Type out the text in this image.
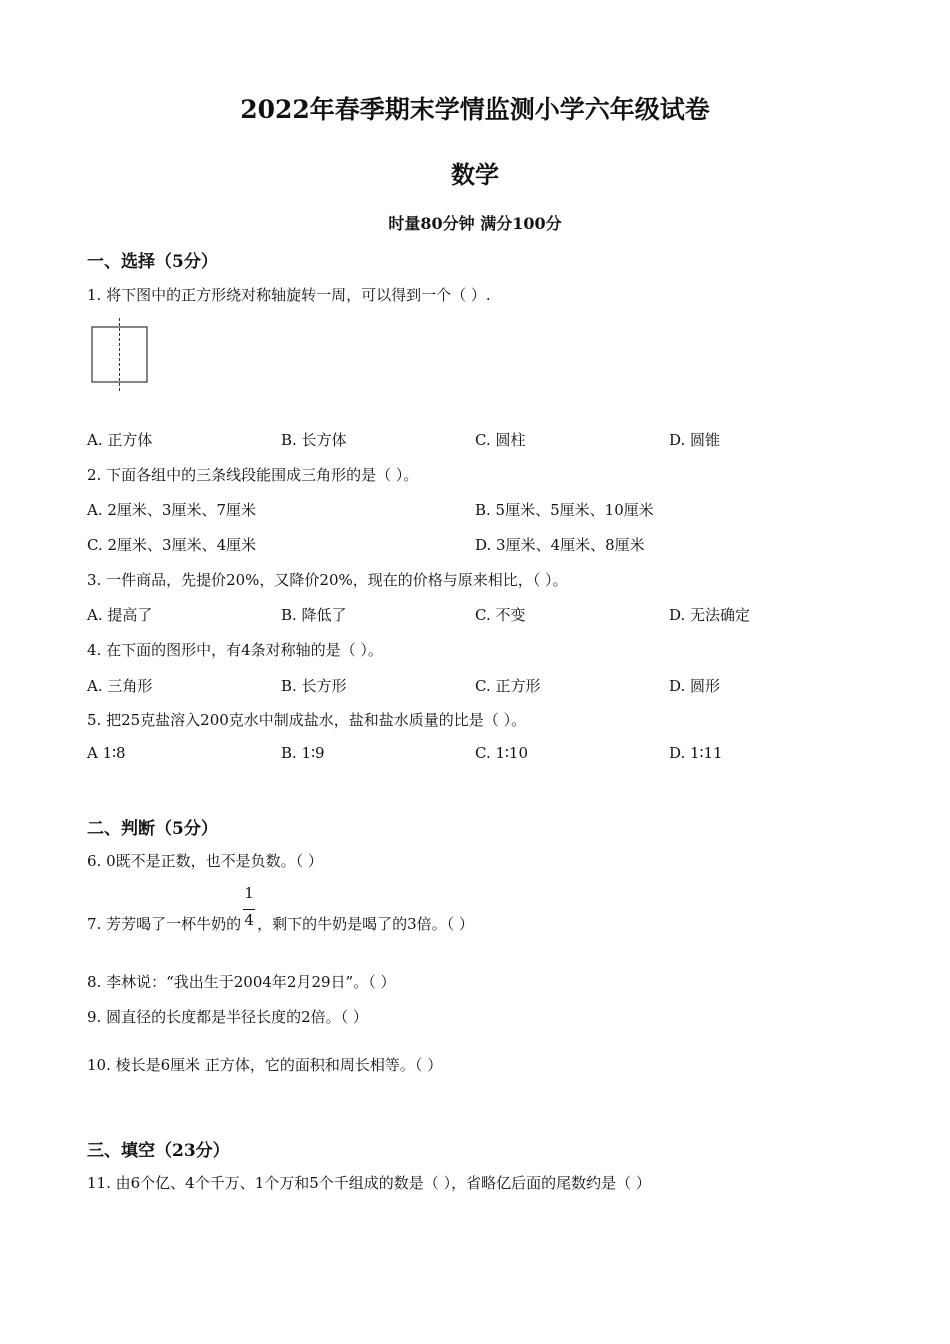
2022年春季期末学情监测小学六年级试卷
数学
时量80分钟 满分100分
一、选择（5分）
1. 将下图中的正方形绕对称轴旋转一周，可以得到一个（ ）.
A. 正方体	B. 长方体	C. 圆柱	D. 圆锥
2. 下面各组中的三条线段能围成三角形的是（ ）。
A. 2厘米、3厘米、7厘米	B. 5厘米、5厘米、10厘米
C. 2厘米、3厘米、4厘米	D. 3厘米、4厘米、8厘米
3. 一件商品，先提价20%，又降价20%，现在的价格与原来相比，（ ）。
A. 提高了	B. 降低了	C. 不变	D. 无法确定
4. 在下面的图形中，有4条对称轴的是（ ）。
A. 三角形	B. 长方形	C. 正方形	D. 圆形
5. 把25克盐溶入200克水中制成盐水，盐和盐水质量的比是（ ）。
A 1∶8	B. 1∶9	C. 1∶10	D. 1∶11
二、判断（5分）
6. 0既不是正数，也不是负数。（ ）
7. 芳芳喝了一杯牛奶的 $\frac{1}{4}$ ，剩下的牛奶是喝了的3倍。（ ）
8. 李林说：“我出生于2004年2月29日”。（ ）
9. 圆直径的长度都是半径长度的2倍。（ ）
10. 棱长是6厘米 正方体，它的面积和周长相等。（ ）
三、填空（23分）
11. 由6个亿、4个千万、1个万和5个千组成的数是（ ），省略亿后面的尾数约是（ ）
